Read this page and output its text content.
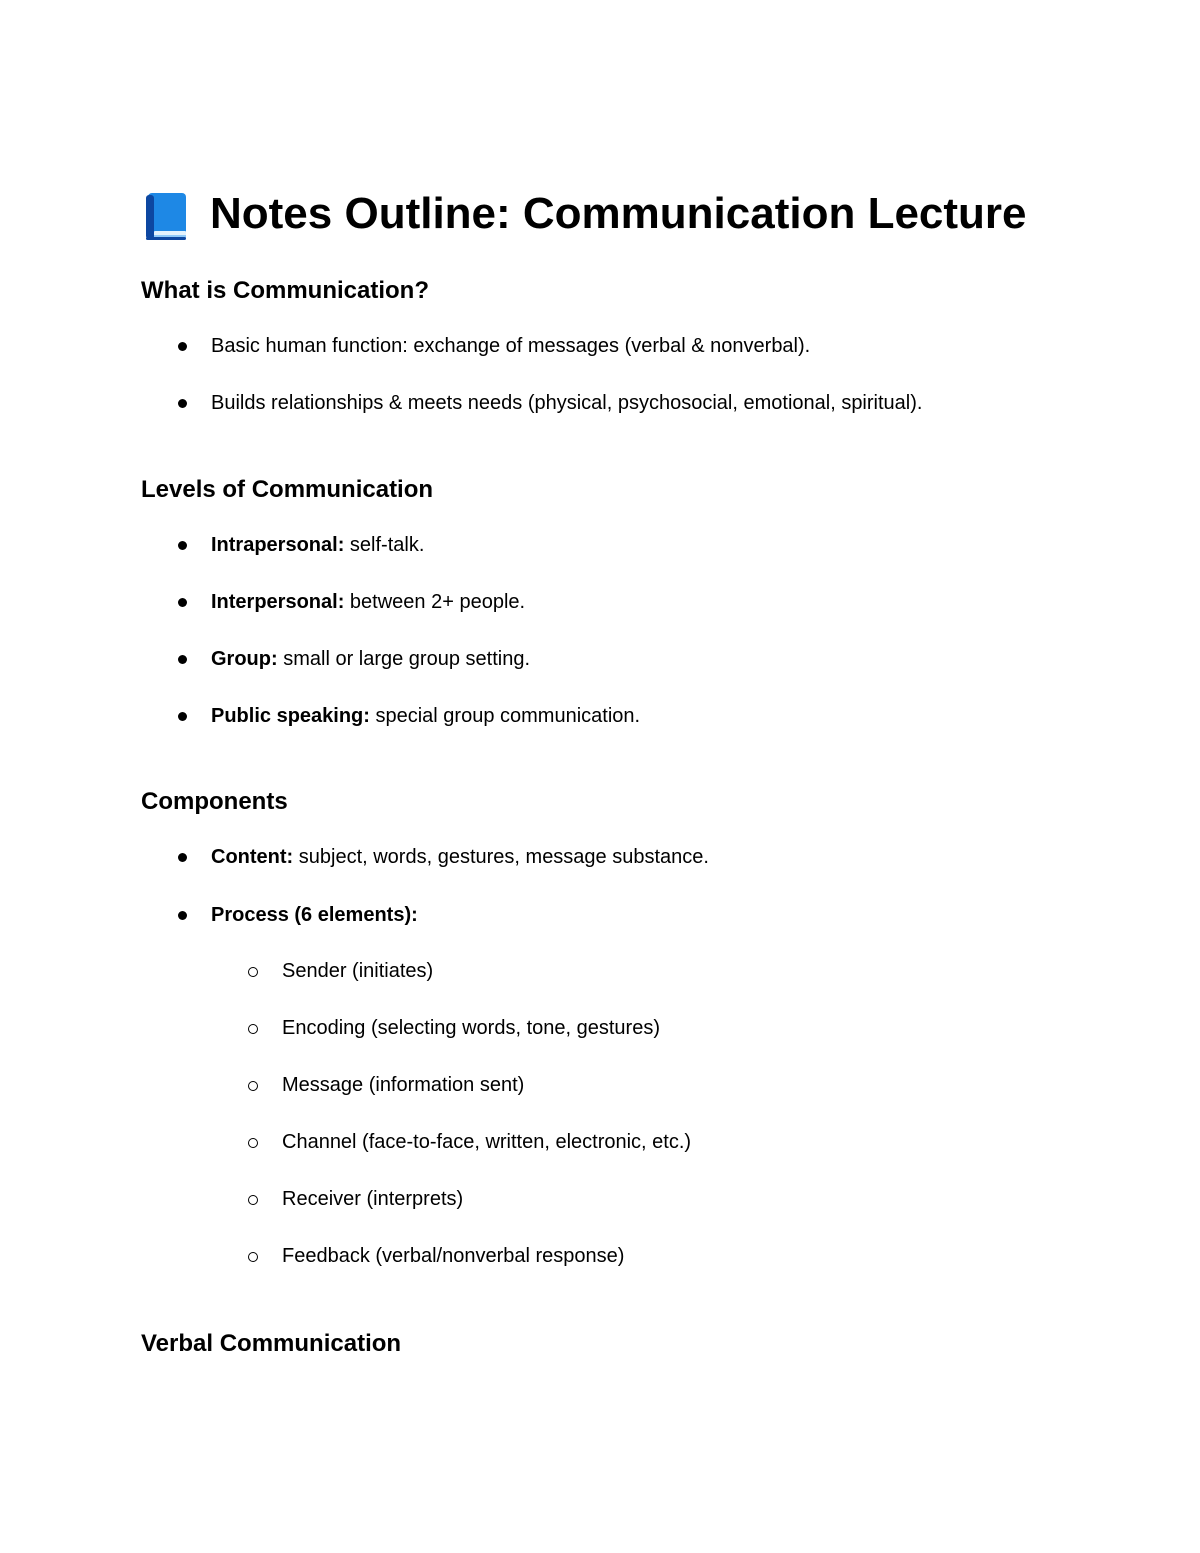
Notes Outline: Communication Lecture
What is Communication?
Basic human function: exchange of messages (verbal & nonverbal).
Builds relationships & meets needs (physical, psychosocial, emotional, spiritual).
Levels of Communication
Intrapersonal: self-talk.
Interpersonal: between 2+ people.
Group: small or large group setting.
Public speaking: special group communication.
Components
Content: subject, words, gestures, message substance.
Process (6 elements):
Sender (initiates)
Encoding (selecting words, tone, gestures)
Message (information sent)
Channel (face-to-face, written, electronic, etc.)
Receiver (interprets)
Feedback (verbal/nonverbal response)
Verbal Communication
